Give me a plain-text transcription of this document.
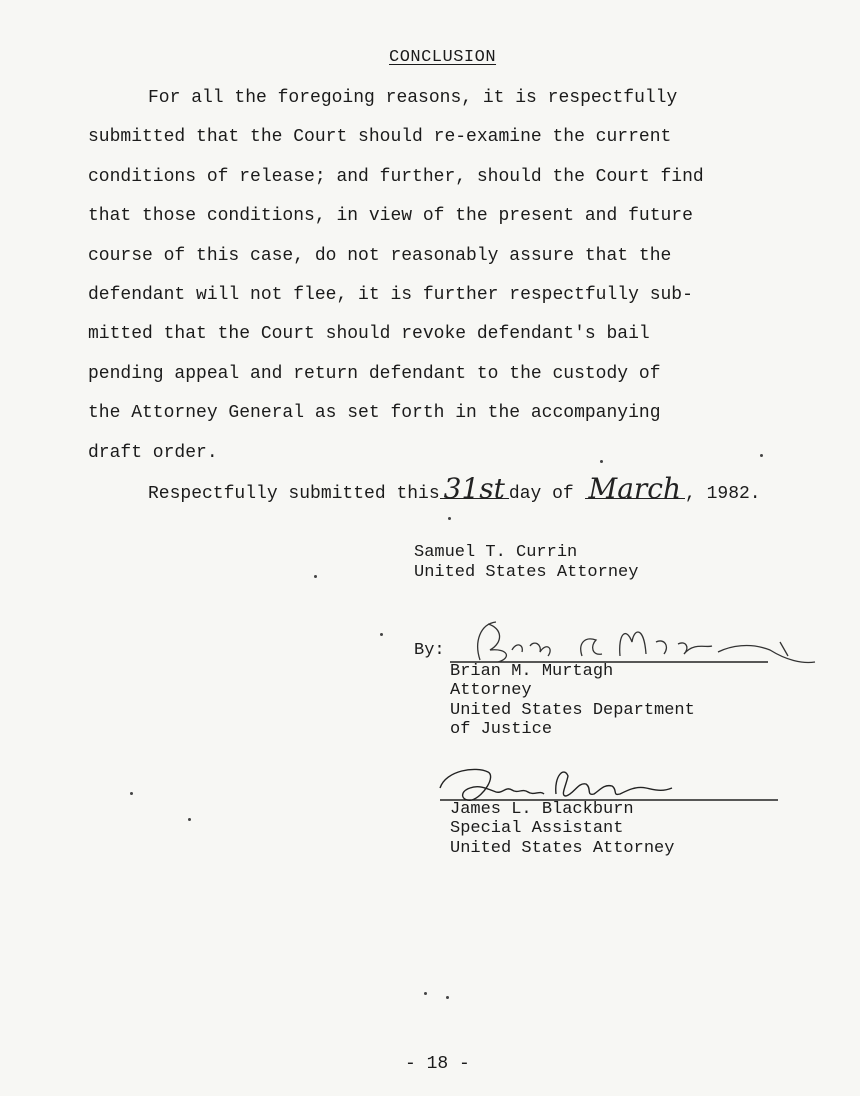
CONCLUSION

For all the foregoing reasons, it is respectfully
submitted that the Court should re-examine the current
conditions of release; and further, should the Court find
that those conditions, in view of the present and future
course of this case, do not reasonably assure that the
defendant will not flee, it is further respectfully sub-
mitted that the Court should revoke defendant's bail
pending appeal and return defendant to the custody of
the Attorney General as set forth in the accompanying
draft order.

Respectfully submitted this 31st day of March , 1982.
Samuel T. Currin
United States Attorney
By:
Brian M. Murtagh
Attorney
United States Department
of Justice
James L. Blackburn
Special Assistant
United States Attorney
- 18 -
